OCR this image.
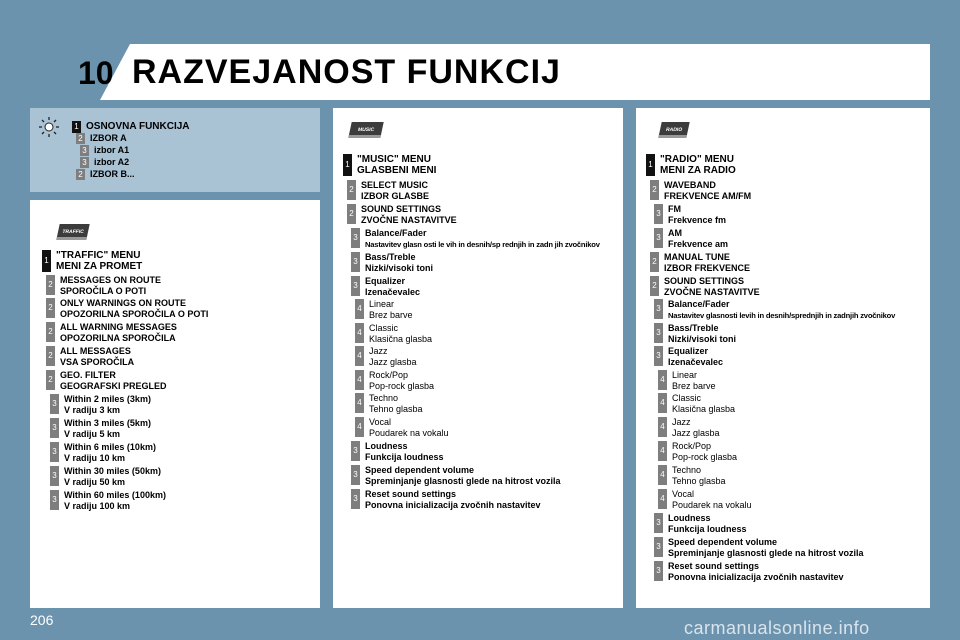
10 RAZVEJANOST FUNKCIJ
TRAFFIC
MUSIC	RADIO
1 OSNOVNA FUNKCIJA
2 IZBOR A
3 izbor A1
3 izbor A2
2 IZBOR B...
1 "TRAFFIC" MENU
MENI ZA PROMET
2 MESSAGES ON ROUTE
SPOROČILA O POTI
2 ONLY WARNINGS ON ROUTE
OPOZORILNA SPOROČILA O POTI
2 ALL WARNING MESSAGES
OPOZORILNA SPOROČILA
2 ALL MESSAGES
VSA SPOROČILA
2 GEO. FILTER
GEOGRAFSKI PREGLED
3 Within 2 miles (3km)
V radiju 3 km
3 Within 3 miles (5km)
V radiju 5 km
3 Within 6 miles (10km)
V radiju 10 km
3 Within 30 miles (50km)
V radiju 50 km
3 Within 60 miles (100km)
V radiju 100 km
1 "MUSIC" MENU
GLASBENI MENI
2 SELECT MUSIC
IZBOR GLASBE
2 SOUND SETTINGS
ZVOČNE NASTAVITVE
3 Balance/Fader
Nastavitev glasn osti le vih in desnih/sp rednjih in zadn jih zvočnikov
3 Bass/Treble
Nizki/visoki toni
3 Equalizer
Izenačevalec
4 Linear
Brez barve
4 Classic
Klasična glasba
4 Jazz
Jazz glasba
4 Rock/Pop
Pop-rock glasba
4 Techno
Tehno glasba
4 Vocal
Poudarek na vokalu
3 Loudness
Funkcija loudness
3 Speed dependent volume
Spreminjanje glasnosti glede na hitrost vozila
3 Reset sound settings
Ponovna inicializacija zvočnih nastavitev
1 "RADIO" MENU
MENI ZA RADIO
2 WAVEBAND
FREKVENCE AM/FM
3 FM
Frekvence fm
3 AM
Frekvence am
2 MANUAL TUNE
IZBOR FREKVENCE
2 SOUND SETTINGS
ZVOČNE NASTAVITVE
3 Balance/Fader
Nastavitev glasnosti levih in desnih/sprednjih in zadnjih zvočnikov
3 Bass/Treble
Nizki/visoki toni
3 Equalizer
Izenačevalec
4 Linear
Brez barve
4 Classic
Klasična glasba
4 Jazz
Jazz glasba
4 Rock/Pop
Pop-rock glasba
4 Techno
Tehno glasba
4 Vocal
Poudarek na vokalu
3 Loudness
Funkcija loudness
3 Speed dependent volume
Spreminjanje glasnosti glede na hitrost vozila
3 Reset sound settings
Ponovna inicializacija zvočnih nastavitev
206	carmanualsonline.info
